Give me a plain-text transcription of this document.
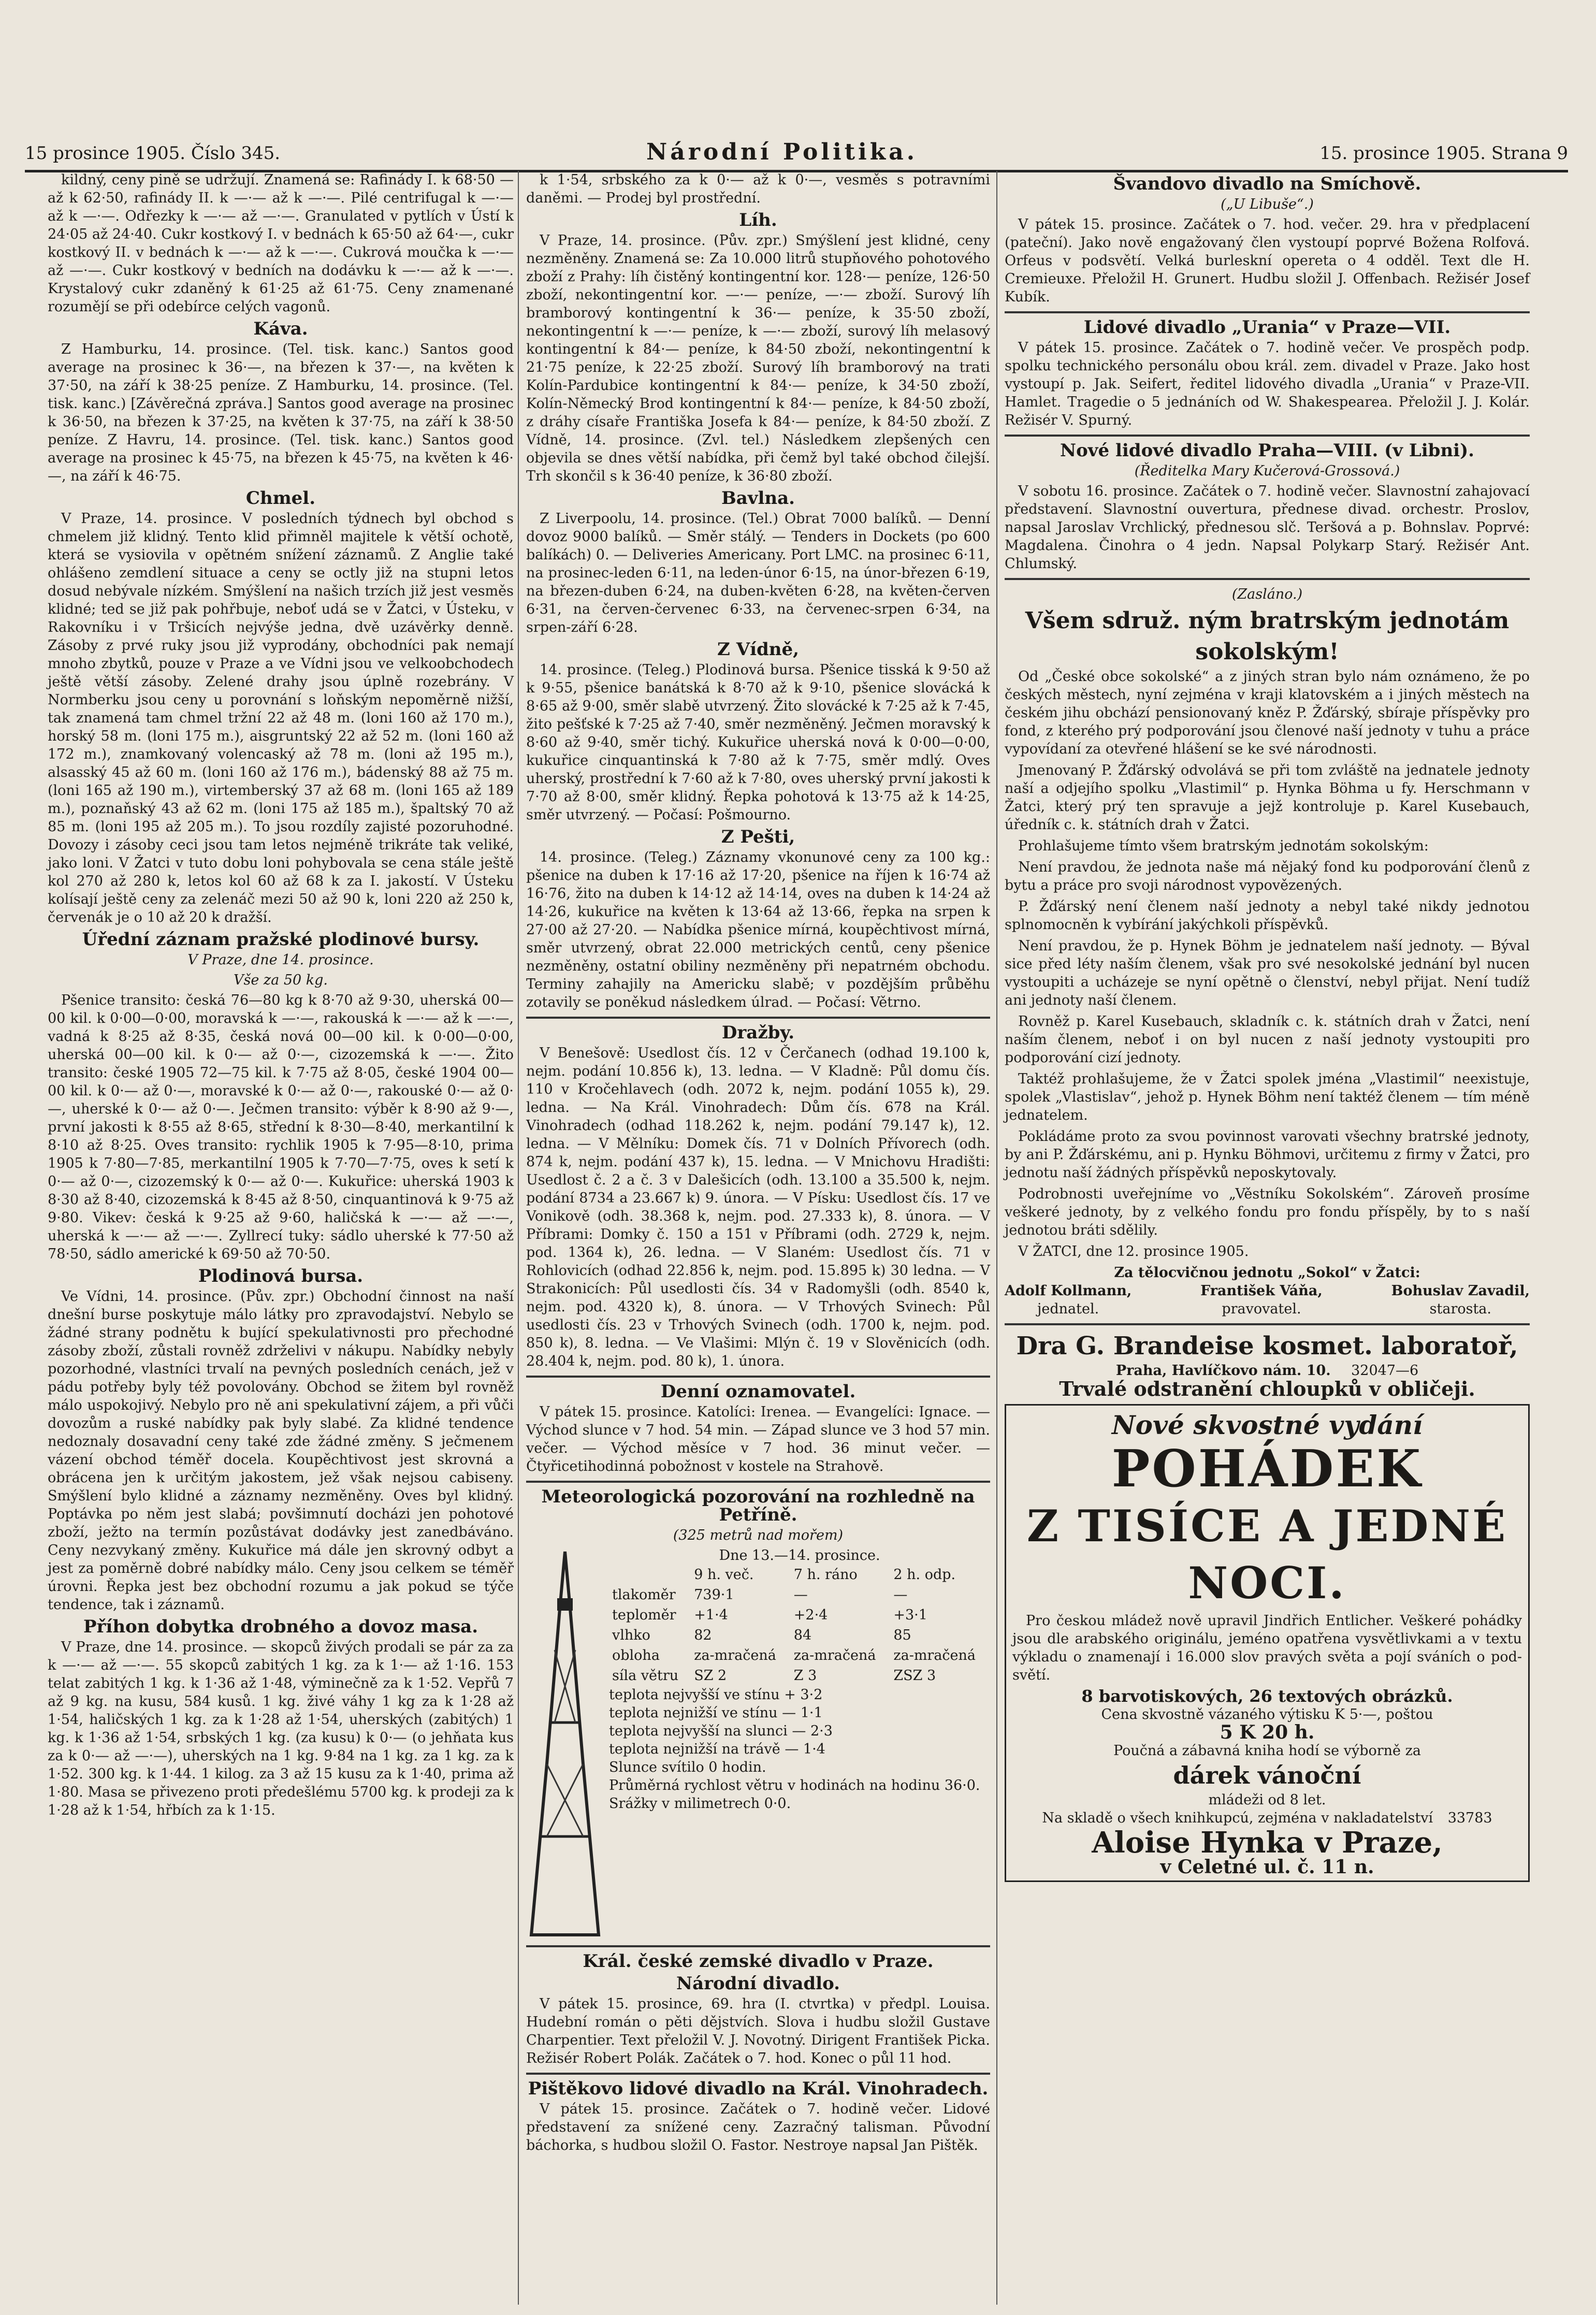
15 prosince 1905. Číslo 345.	Národní Politika.	15. prosince 1905. Strana 9

kildný, ceny pině se udržují. Znamená se: Rafinády I. k 68·50 — až k 62·50, rafinády II. k —·— až k —·—. Pilé centrifugal k —·— až k —·—. Odřezky k —·— až —·—. Granulated v pytlích v Ústí k 24·05 až 24·40. Cukr kostkový I. v bednách k 65·50 až 64·—, cukr kostkový II. v bednách k —·— až k —·—. Cukrová moučka k —·— až —·—. Cukr kostkový v bedních na dodávku k —·— až k —·—. Krystalový cukr zdaněný k 61·25 až 61·75. Ceny znamenané rozumějí se při odebírce celých vagonů.

Káva.

Z Hamburku, 14. prosince. (Tel. tisk. kanc.) Santos good average na prosinec k 36·—, na březen k 37·—, na květen k 37·50, na září k 38·25 peníze. Z Hamburku, 14. prosince. (Tel. tisk. kanc.) [Závěrečná zpráva.] Santos good average na prosinec k 36·50, na březen k 37·25, na květen k 37·75, na září k 38·50 peníze. Z Havru, 14. prosince. (Tel. tisk. kanc.) Santos good average na prosinec k 45·75, na březen k 45·75, na květen k 46·—, na září k 46·75.

Chmel.

V Praze, 14. prosince. V posledních týdnech byl obchod s chmelem již klidný. Tento klid přimněl majitele k větší ochotě, která se vysiovila v opětném snížení záznamů. Z Anglie také ohlášeno zemdlení situace a ceny se octly již na stupni letos dosud nebývale nízkém. Smýšlení na našich trzích již jest vesměs klidné; ted se již pak pohřbuje, neboť udá se v Žatci, v Ústeku, v Rakovníku i v Tršicích nejvýše jedna, dvě uzávěrky denně. Zásoby z prvé ruky jsou již vyprodány, obchodníci pak nemají mnoho zbytků, pouze v Praze a ve Vídni jsou ve velkoobchodech ještě větší zásoby. Zelené drahy jsou úplně rozebrány. V Normberku jsou ceny u porovnání s loňským nepoměrně nižší, tak znamená tam chmel tržní 22 až 48 m. (loni 160 až 170 m.), horský 58 m. (loni 175 m.), aisgruntský 22 až 52 m. (loni 160 až 172 m.), znamkovaný volencaský až 78 m. (loni až 195 m.), alsasský 45 až 60 m. (loni 160 až 176 m.), bádenský 88 až 75 m. (loni 165 až 190 m.), virtemberský 37 až 68 m. (loni 165 až 189 m.), poznaňský 43 až 62 m. (loni 175 až 185 m.), špaltský 70 až 85 m. (loni 195 až 205 m.). To jsou rozdíly zajisté pozoruhodné. Dovozy i zásoby ceci jsou tam letos nejméně trikráte tak veliké, jako loni. V Žatci v tuto dobu loni pohybovala se cena stále ještě kol 270 až 280 k, letos kol 60 až 68 k za I. jakostí. V Ústeku kolísají ještě ceny za zelenáč mezi 50 až 90 k, loni 220 až 250 k, červenák je o 10 až 20 k dražší.

Úřední záznam pražské plodinové bursy.
V Praze, dne 14. prosince.
Vše za 50 kg.

Pšenice transito: česká 76—80 kg k 8·70 až 9·30, uherská 00—00 kil. k 0·00—0·00, moravská k —·—, rakouská k —·— až k —·—, vadná k 8·25 až 8·35, česká nová 00—00 kil. k 0·00—0·00, uherská 00—00 kil. k 0·— až 0·—, cizozemská k —·—. Žito transito: české 1905 72—75 kil. k 7·75 až 8·05, české 1904 00—00 kil. k 0·— až 0·—, moravské k 0·— až 0·—, rakouské 0·— až 0·—, uherské k 0·— až 0·—. Ječmen transito: výběr k 8·90 až 9·—, první jakosti k 8·55 až 8·65, střední k 8·30—8·40, merkantilní k 8·10 až 8·25. Oves transito: rychlik 1905 k 7·95—8·10, prima 1905 k 7·80—7·85, merkantilní 1905 k 7·70—7·75, oves k setí k 0·— až 0·—, cizozemský k 0·— až 0·—. Kukuřice: uherská 1903 k 8·30 až 8·40, cizozemská k 8·45 až 8·50, cinquantinová k 9·75 až 9·80. Vikev: česká k 9·25 až 9·60, haličská k —·— až —·—, uherská k —·— až —·—. Zyllrecí tuky: sádlo uherské k 77·50 až 78·50, sádlo americké k 69·50 až 70·50.

Plodinová bursa.

Ve Vídni, 14. prosince. (Pův. zpr.) Obchodní činnost na naší dnešní burse poskytuje málo látky pro zpravodajství. Nebylo se žádné strany podnětu k bující spekulativnosti pro přechodné zásoby zboží, zůstali rovněž zdrželivi v nákupu. Nabídky nebyly pozorhodné, vlastníci trvalí na pevných posledních cenách, jež v pádu potřeby byly též povolovány. Obchod se žitem byl rovněž málo uspokojivý. Nebylo pro ně ani spekulativní zájem, a při vůči dovozům a ruské nabídky pak byly slabé. Za klidné tendence nedoznaly dosavadní ceny také zde žádné změny. S ječmenem vázení obchod téměř docela. Koupěchtivost jest skrovná a obrácena jen k určitým jakostem, jež však nejsou cabiseny. Smýšlení bylo klidné a záznamy nezměněny. Oves byl klidný. Poptávka po něm jest slabá; povšimnutí docházi jen pohotové zboží, ježto na termín pozůstávat dodávky jest zanedbáváno. Ceny nezvykaný změny. Kukuřice má dále jen skrovný odbyt a jest za poměrně dobré nabídky málo. Ceny jsou celkem se téměř úrovni. Řepka jest bez obchodní rozumu a jak pokud se týče tendence, tak i záznamů.

Příhon dobytka drobného a dovoz masa.

V Praze, dne 14. prosince. — skopců živých prodali se pár za za k —·— až —·—. 55 skopců zabitých 1 kg. za k 1·— až 1·16. 153 telat zabitých 1 kg. k 1·36 až 1·48, výminečně za k 1·52. Vepřů 7 až 9 kg. na kusu, 584 kusů. 1 kg. živé váhy 1 kg za k 1·28 až 1·54, haličských 1 kg. za k 1·28 až 1·54, uherských (zabitých) 1 kg. k 1·36 až 1·54, srbských 1 kg. (za kusu) k 0·— (o jehňata kus za k 0·— až —·—), uherských na 1 kg. 9·84 na 1 kg. za 1 kg. za k 1·52. 300 kg. k 1·44. 1 kilog. za 3 až 15 kusu za k 1·40, prima až 1·80. Masa se přivezeno proti předešlému 5700 kg. k prodeji za k 1·28 až k 1·54, hřbích za k 1·15.

k 1·54, srbského za k 0·— až k 0·—, vesměs s potravními daněmi. — Prodej byl prostřední.

Líh.

V Praze, 14. prosince. (Pův. zpr.) Smýšlení jest klidné, ceny nezměněny. Znamená se: Za 10.000 litrů stupňového pohotového zboží z Prahy: líh čistěný kontingentní kor. 128·— peníze, 126·50 zboží, nekontingentní kor. —·— peníze, —·— zboží. Surový líh bramborový kontingentní k 36·— peníze, k 35·50 zboží, nekontingentní k —·— peníze, k —·— zboží, surový líh melasový kontingentní k 84·— peníze, k 84·50 zboží, nekontingentní k 21·75 peníze, k 22·25 zboží. Surový líh bramborový na trati Kolín-Pardubice kontingentní k 84·— peníze, k 34·50 zboží, Kolín-Německý Brod kontingentní k 84·— peníze, k 84·50 zboží, z dráhy císaře Františka Josefa k 84·— peníze, k 84·50 zboží. Z Vídně, 14. prosince. (Zvl. tel.) Následkem zlepšených cen objevila se dnes větší nabídka, při čemž byl také obchod čilejší. Trh skončil s k 36·40 peníze, k 36·80 zboží.

Bavlna.

Z Liverpoolu, 14. prosince. (Tel.) Obrat 7000 balíků. — Denní dovoz 9000 balíků. — Směr stálý. — Tenders in Dockets (po 600 balíkách) 0. — Deliveries Americany. Port LMC. na prosinec 6·11, na prosinec-leden 6·11, na leden-únor 6·15, na únor-březen 6·19, na březen-duben 6·24, na duben-květen 6·28, na květen-červen 6·31, na červen-červenec 6·33, na červenec-srpen 6·34, na srpen-září 6·28.

Z Vídně,

14. prosince. (Teleg.) Plodinová bursa. Pšenice tisská k 9·50 až k 9·55, pšenice banátská k 8·70 až k 9·10, pšenice slovácká k 8·65 až 9·00, směr slabě utvrzený. Žito slovácké k 7·25 až k 7·45, žito pešťské k 7·25 až 7·40, směr nezměněný. Ječmen moravský k 8·60 až 9·40, směr tichý. Kukuřice uherská nová k 0·00—0·00, kukuřice cinquantinská k 7·80 až k 7·75, směr mdlý. Oves uherský, prostřední k 7·60 až k 7·80, oves uherský první jakosti k 7·70 až 8·00, směr klidný. Řepka pohotová k 13·75 až k 14·25, směr utvrzený. — Počasí: Pošmourno.

Z Pešti,

14. prosince. (Teleg.) Záznamy vkonunové ceny za 100 kg.: pšenice na duben k 17·16 až 17·20, pšenice na říjen k 16·74 až 16·76, žito na duben k 14·12 až 14·14, oves na duben k 14·24 až 14·26, kukuřice na květen k 13·64 až 13·66, řepka na srpen k 27·00 až 27·20. — Nabídka pšenice mírná, koupěchtivost mírná, směr utvrzený, obrat 22.000 metrických centů, ceny pšenice nezměněny, ostatní obiliny nezměněny při nepatrném obchodu. Terminy zahajily na Americku slabě; v pozdějším průběhu zotavily se poněkud následkem úlrad. — Počasí: Větrno.

Dražby.

V Benešově: Usedlost čís. 12 v Čerčanech (odhad 19.100 k, nejm. podání 10.856 k), 13. ledna. — V Kladně: Půl domu čís. 110 v Kročehlavech (odh. 2072 k, nejm. podání 1055 k), 29. ledna. — Na Král. Vinohradech: Dům čís. 678 na Král. Vinohradech (odhad 118.262 k, nejm. podání 79.147 k), 12. ledna. — V Mělníku: Domek čís. 71 v Dolních Přívorech (odh. 874 k, nejm. podání 437 k), 15. ledna. — V Mnichovu Hradišti: Usedlost č. 2 a č. 3 v Dalešicích (odh. 13.100 a 35.500 k, nejm. podání 8734 a 23.667 k) 9. února. — V Písku: Usedlost čís. 17 ve Vonikově (odh. 38.368 k, nejm. pod. 27.333 k), 8. února. — V Příbrami: Domky č. 150 a 151 v Příbrami (odh. 2729 k, nejm. pod. 1364 k), 26. ledna. — V Slaném: Usedlost čís. 71 v Rohlovicích (odhad 22.856 k, nejm. pod. 15.895 k) 30 ledna. — V Strakonicích: Půl usedlosti čís. 34 v Radomyšli (odh. 8540 k, nejm. pod. 4320 k), 8. února. — V Trhových Svinech: Půl usedlosti čís. 23 v Trhových Svinech (odh. 1700 k, nejm. pod. 850 k), 8. ledna. — Ve Vlašimi: Mlýn č. 19 v Slověnicích (odh. 28.404 k, nejm. pod. 80 k), 1. února.

Denní oznamovatel.

V pátek 15. prosince. Katolíci: Irenea. — Evangelíci: Ignace. — Východ slunce v 7 hod. 54 min. — Západ slunce ve 3 hod 57 min. večer. — Východ měsíce v 7 hod. 36 minut večer. — Čtyřicetihodinná pobožnost v kostele na Strahově.

Meteorologická pozorování na rozhledně na Petříně.
(325 metrů nad mořem)
Dne 13.—14. prosince.
	9 h. več.	7 h. ráno	2 h. odp.
tlakoměr	739·1	—	—
teploměr	+1·4	+2·4	+3·1
vlhko	82	84	85
obloha	za-mračená	za-mračená	za-mračená
síla větru	SZ 2	Z 3	ZSZ 3
teplota nejvyšší ve stínu + 3·2
teplota nejnižší ve stínu — 1·1
teplota nejvyšší na slunci — 2·3
teplota nejnižší na trávě — 1·4
Slunce svítilo 0 hodin.
Průměrná rychlost větru v hodinách na hodinu 36·0.
Srážky v milimetrech 0·0.
Král. české zemské divadlo v Praze.
Národní divadlo.

V pátek 15. prosince, 69. hra (I. ctvrtka) v předpl. Louisa. Hudební román o pěti dějstvích. Slova i hudbu složil Gustave Charpentier. Text přeložil V. J. Novotný. Dirigent František Picka. Režisér Robert Polák. Začátek o 7. hod. Konec o půl 11 hod.

Pištěkovo lidové divadlo na Král. Vinohradech.

V pátek 15. prosince. Začátek o 7. hodině večer. Lidové představení za snížené ceny. Zazračný talisman. Původní báchorka, s hudbou složil O. Fastor. Nestroye napsal Jan Pištěk.

Švandovo divadlo na Smíchově.
(„U Libuše“.)

V pátek 15. prosince. Začátek o 7. hod. večer. 29. hra v předplacení (pateční). Jako nově engažovaný člen vystoupí poprvé Božena Rolfová. Orfeus v podsvětí. Velká burleskní opereta o 4 odděl. Text dle H. Cremieuxe. Přeložil H. Grunert. Hudbu složil J. Offenbach. Režisér Josef Kubík.

Lidové divadlo „Urania“ v Praze—VII.

V pátek 15. prosince. Začátek o 7. hodině večer. Ve prospěch podp. spolku technického personálu obou král. zem. divadel v Praze. Jako host vystoupí p. Jak. Seifert, ředitel lidového divadla „Urania“ v Praze-VII. Hamlet. Tragedie o 5 jednáních od W. Shakespearea. Přeložil J. J. Kolár. Režisér V. Spurný.

Nové lidové divadlo Praha—VIII. (v Libni).
(Ředitelka Mary Kučerová-Grossová.)

V sobotu 16. prosince. Začátek o 7. hodině večer. Slavnostní zahajovací představení. Slavnostní ouvertura, přednese divad. orchestr. Proslov, napsal Jaroslav Vrchlický, přednesou slč. Teršová a p. Bohnslav. Poprvé: Magdalena. Činohra o 4 jedn. Napsal Polykarp Starý. Režisér Ant. Chlumský.

(Zasláno.)
Všem sdruž. ným bratrským jednotám sokolským!

Od „České obce sokolské“ a z jiných stran bylo nám oznámeno, že po českých městech, nyní zejména v kraji klatovském a i jiných městech na českém jihu obchází pensionovaný kněz P. Žďárský, sbíraje příspěvky pro fond, z kterého prý podporování jsou členové naší jednoty v tuhu a práce vypovídaní za otevřené hlášení se ke své národnosti.

Jmenovaný P. Žďárský odvolává se při tom zvláště na jednatele jednoty naší a odjejího spolku „Vlastimil“ p. Hynka Böhma u fy. Herschmann v Žatci, který prý ten spravuje a jejž kontroluje p. Karel Kusebauch, úředník c. k. státních drah v Žatci.

Prohlašujeme tímto všem bratrským jednotám sokolským:

Není pravdou, že jednota naše má nějaký fond ku podporování členů z bytu a práce pro svoji národnost vypovězených.

P. Žďárský není členem naší jednoty a nebyl také nikdy jednotou splnomocněn k vybírání jakýchkoli příspěvků.

Není pravdou, že p. Hynek Böhm je jednatelem naší jednoty. — Býval sice před léty naším členem, však pro své nesokolské jednání byl nucen vystoupiti a ucházeje se nyní opětně o členství, nebyl přijat. Není tudíž ani jednoty naší členem.

Rovněž p. Karel Kusebauch, skladník c. k. státních drah v Žatci, není naším členem, neboť i on byl nucen z naší jednoty vystoupiti pro podporování cizí jednoty.

Taktéž prohlašujeme, že v Žatci spolek jména „Vlastimil“ neexistuje, spolek „Vlastislav“, jehož p. Hynek Böhm není taktéž členem — tím méně jednatelem.

Pokládáme proto za svou povinnost varovati všechny bratrské jednoty, by ani P. Žďárskému, ani p. Hynku Böhmovi, určitemu z firmy v Žatci, pro jednotu naší žádných příspěvků neposkytovaly.

Podrobnosti uveřejníme vo „Věstníku Sokolském“. Zároveň prosíme veškeré jednoty, by z velkého fondu pro fondu příspěly, by to s naší jednotou bráti sdělily.

V ŽATCI, dne 12. prosince 1905.

Za tělocvičnou jednotu „Sokol“ v Žatci:
Adolf Kollmann,
jednatel.
František Váňa,
pravovatel.
Bohuslav Zavadil,
starosta.
Dra G. Brandeise kosmet. laboratoř,
Praha, Havlíčkovo nám. 10. 32047—6
Trvalé odstranění chloupků v obličeji.
Nové skvostné vydání
POHÁDEK
Z TISÍCE A JEDNÉ NOCI.

Pro českou mládež nově upravil Jindřich Entlicher. Veškeré pohádky jsou dle arabského originálu, jeméno opatřena vysvětlivkami a v textu výkladu o znamenají i 16.000 slov pravých světa a pojí sváních o pod-světí.

8 barvotiskových, 26 textových obrázků.
Cena skvostně vázaného výtisku K 5·—, poštou
5 K 20 h.
Poučná a zábavná kniha hodí se výborně za
dárek vánoční
mládeži od 8 let.
Na skladě o všech knihkupcú, zejména v nakladatelství 33783
Aloise Hynka v Praze,
v Celetné ul. č. 11 n.
